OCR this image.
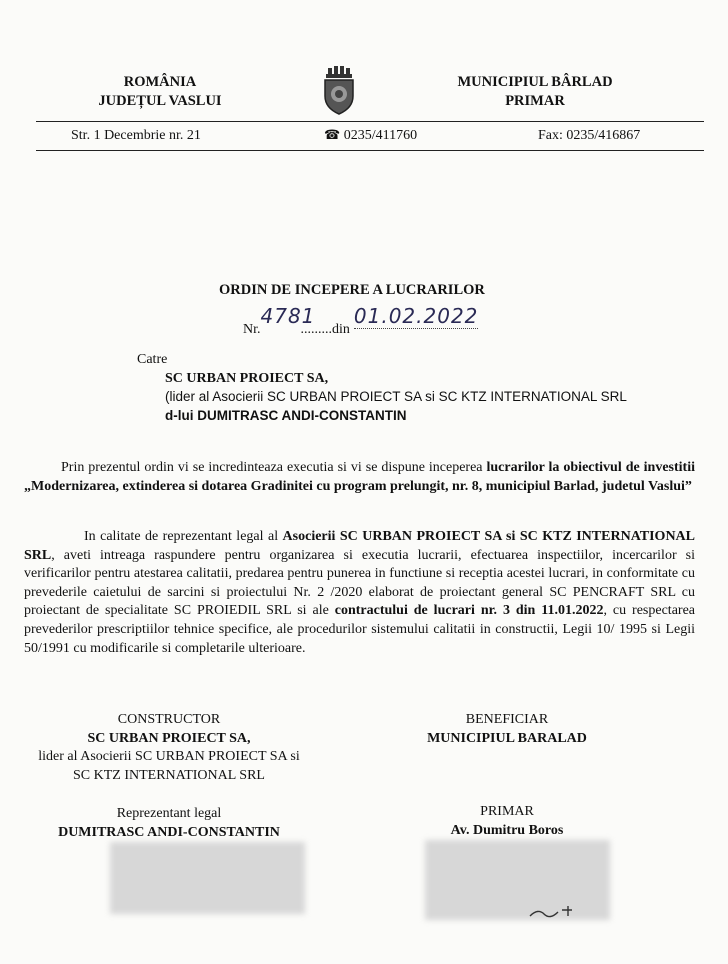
ROMÂNIA
JUDEȚUL VASLUI
MUNICIPIUL BÂRLAD
PRIMAR
Str. 1 Decembrie nr. 21	☎ 0235/411760	Fax: 0235/416867
ORDIN DE INCEPERE A LUCRARILOR
Nr.4781.........din01.02.2022
Catre
SC URBAN PROIECT SA,
(lider al Asocierii SC URBAN PROIECT SA si SC KTZ INTERNATIONAL SRL
d-lui DUMITRASC ANDI-CONSTANTIN
Prin prezentul ordin vi se incredinteaza executia si vi se dispune inceperea lucrarilor la obiectivul de investitii „Modernizarea, extinderea si dotarea Gradinitei cu program prelungit, nr. 8, municipiul Barlad, judetul Vaslui”
In calitate de reprezentant legal al Asocierii SC URBAN PROIECT SA si SC KTZ INTERNATIONAL SRL, aveti intreaga raspundere pentru organizarea si executia lucrarii, efectuarea inspectiilor, incercarilor si verificarilor pentru atestarea calitatii, predarea pentru punerea in functiune si receptia acestei lucrari, in conformitate cu prevederile caietului de sarcini si proiectului Nr. 2 /2020 elaborat de proiectant general SC PENCRAFT SRL cu proiectant de specialitate SC PROIEDIL SRL si ale contractului de lucrari nr. 3 din 11.01.2022, cu respectarea prevederilor prescriptiilor tehnice specifice, ale procedurilor sistemului calitatii in constructii, Legii 10/ 1995 si Legii 50/1991 cu modificarile si completarile ulterioare.
CONSTRUCTOR
SC URBAN PROIECT SA,
lider al Asocierii SC URBAN PROIECT SA si
SC KTZ INTERNATIONAL SRL
Reprezentant legal
DUMITRASC ANDI-CONSTANTIN
BENEFICIAR
MUNICIPIUL BARALAD
PRIMAR
Av. Dumitru Boros
